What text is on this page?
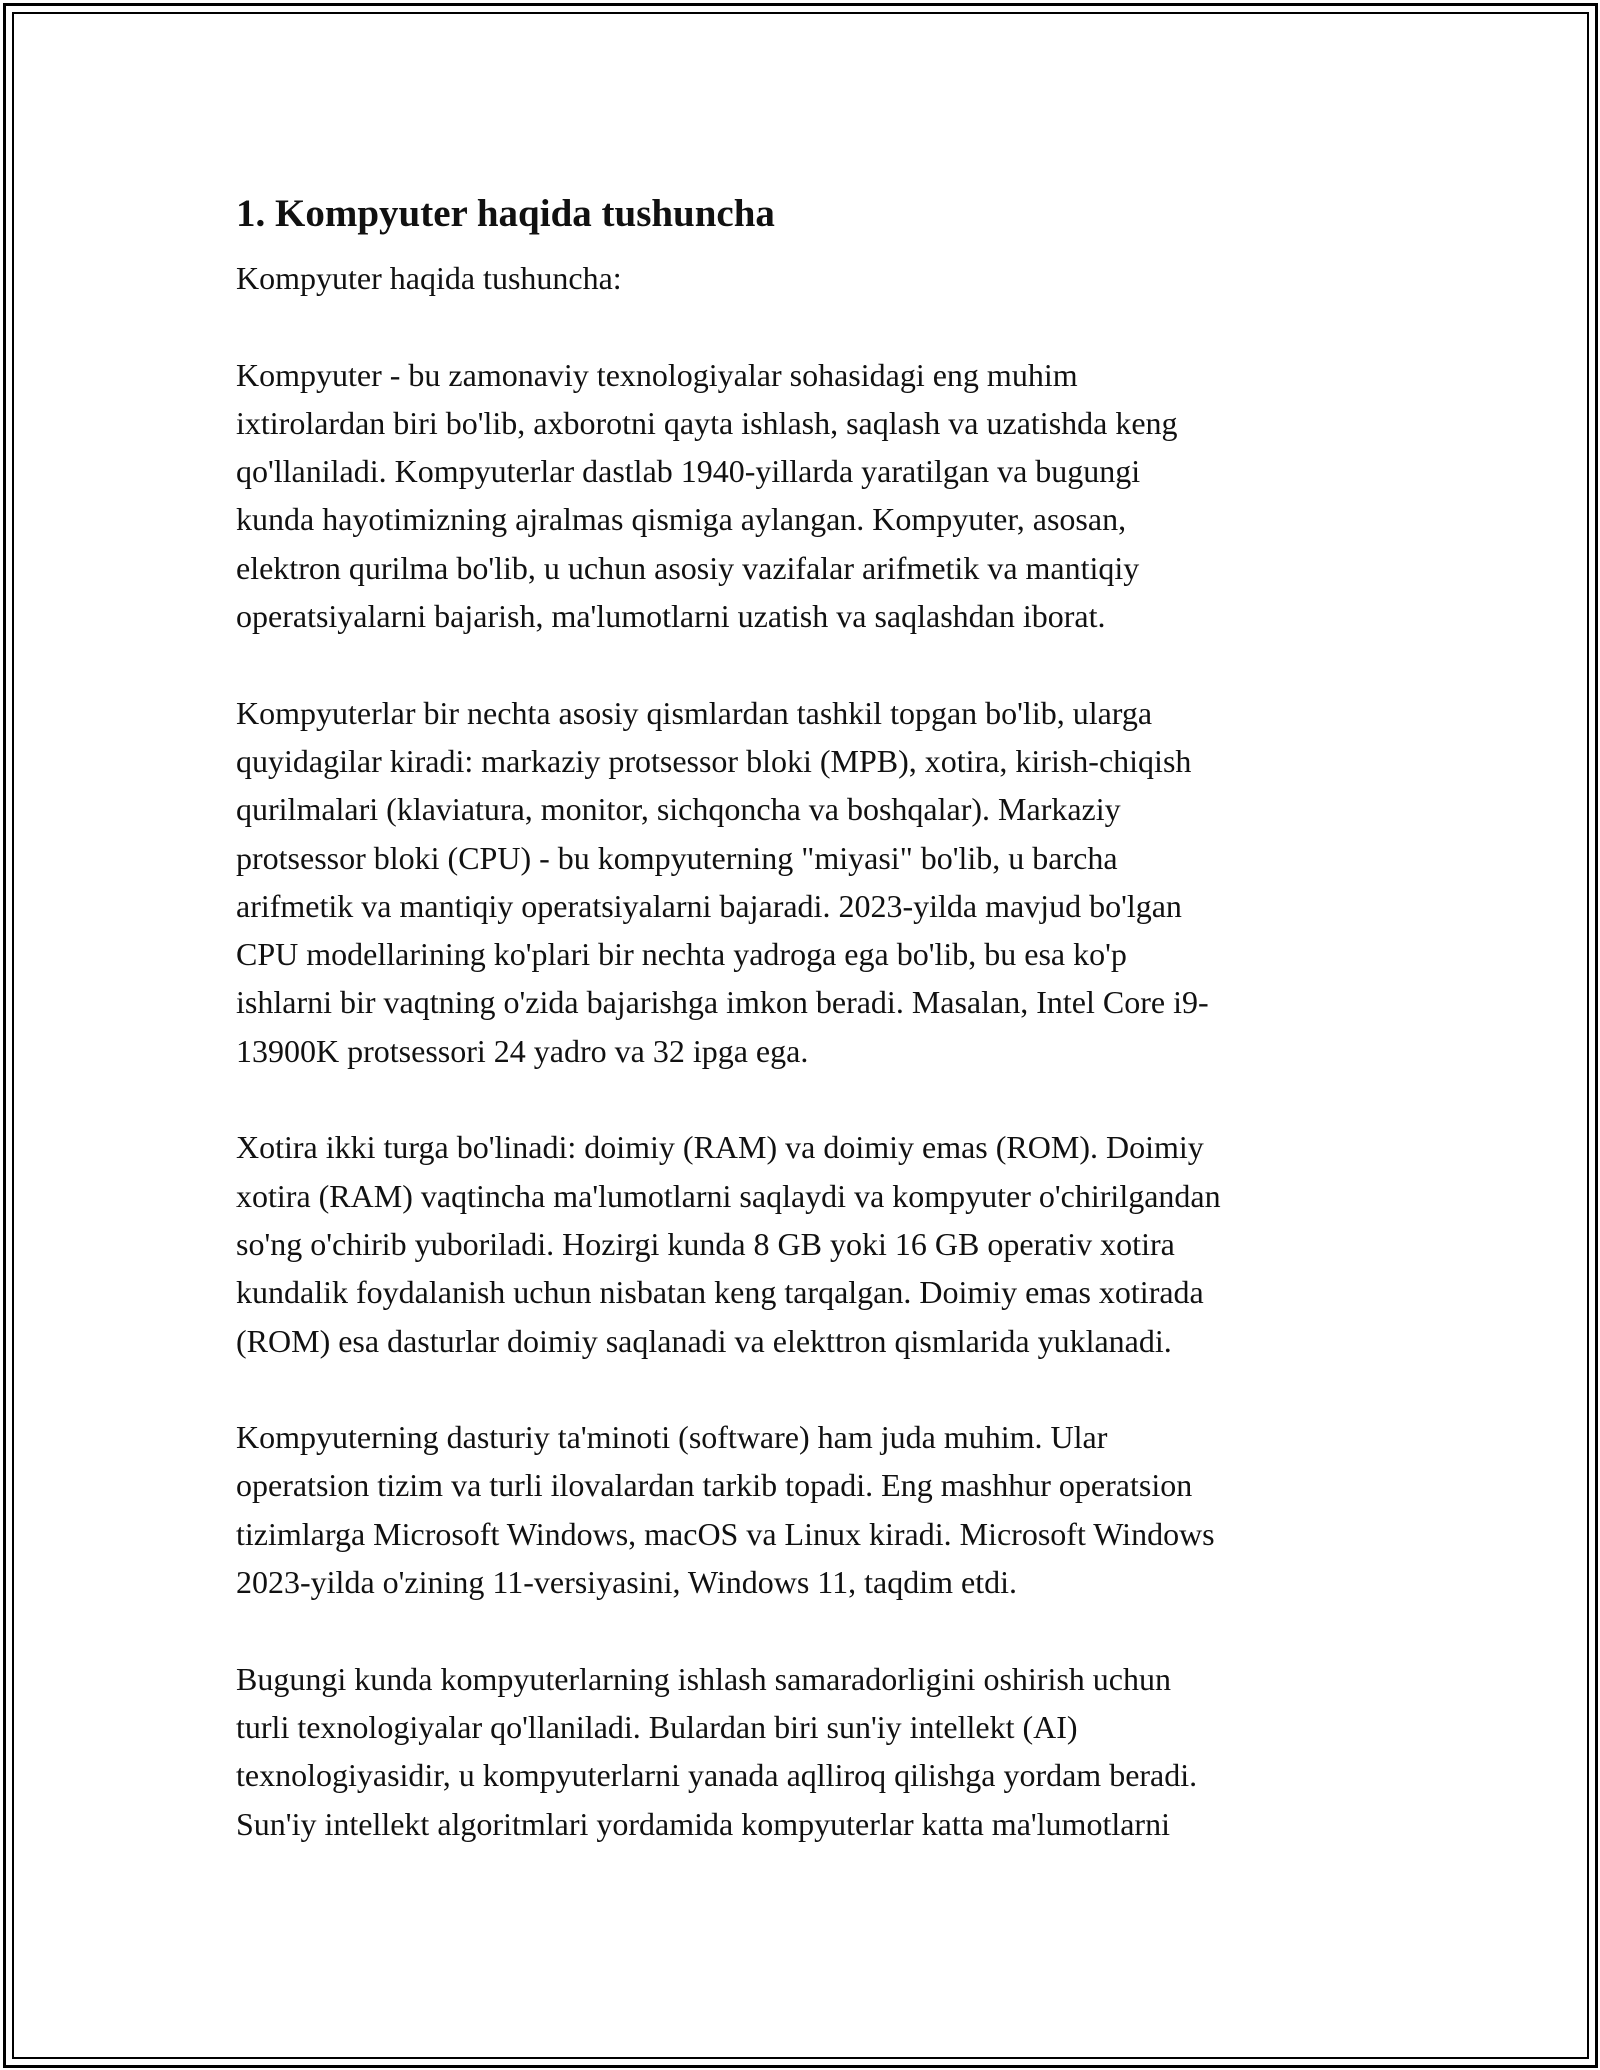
1. Kompyuter haqida tushuncha
Kompyuter haqida tushuncha:
Kompyuter - bu zamonaviy texnologiyalar sohasidagi eng muhim
ixtirolardan biri bo'lib, axborotni qayta ishlash, saqlash va uzatishda keng
qo'llaniladi. Kompyuterlar dastlab 1940-yillarda yaratilgan va bugungi
kunda hayotimizning ajralmas qismiga aylangan. Kompyuter, asosan,
elektron qurilma bo'lib, u uchun asosiy vazifalar arifmetik va mantiqiy
operatsiyalarni bajarish, ma'lumotlarni uzatish va saqlashdan iborat.
Kompyuterlar bir nechta asosiy qismlardan tashkil topgan bo'lib, ularga
quyidagilar kiradi: markaziy protsessor bloki (MPB), xotira, kirish-chiqish
qurilmalari (klaviatura, monitor, sichqoncha va boshqalar). Markaziy
protsessor bloki (CPU) - bu kompyuterning "miyasi" bo'lib, u barcha
arifmetik va mantiqiy operatsiyalarni bajaradi. 2023-yilda mavjud bo'lgan
CPU modellarining ko'plari bir nechta yadroga ega bo'lib, bu esa ko'p
ishlarni bir vaqtning o'zida bajarishga imkon beradi. Masalan, Intel Core i9-
13900K protsessori 24 yadro va 32 ipga ega.
Xotira ikki turga bo'linadi: doimiy (RAM) va doimiy emas (ROM). Doimiy
xotira (RAM) vaqtincha ma'lumotlarni saqlaydi va kompyuter o'chirilgandan
so'ng o'chirib yuboriladi. Hozirgi kunda 8 GB yoki 16 GB operativ xotira
kundalik foydalanish uchun nisbatan keng tarqalgan. Doimiy emas xotirada
(ROM) esa dasturlar doimiy saqlanadi va elekttron qismlarida yuklanadi.
Kompyuterning dasturiy ta'minoti (software) ham juda muhim. Ular
operatsion tizim va turli ilovalardan tarkib topadi. Eng mashhur operatsion
tizimlarga Microsoft Windows, macOS va Linux kiradi. Microsoft Windows
2023-yilda o'zining 11-versiyasini, Windows 11, taqdim etdi.
Bugungi kunda kompyuterlarning ishlash samaradorligini oshirish uchun
turli texnologiyalar qo'llaniladi. Bulardan biri sun'iy intellekt (AI)
texnologiyasidir, u kompyuterlarni yanada aqlliroq qilishga yordam beradi.
Sun'iy intellekt algoritmlari yordamida kompyuterlar katta ma'lumotlarni
